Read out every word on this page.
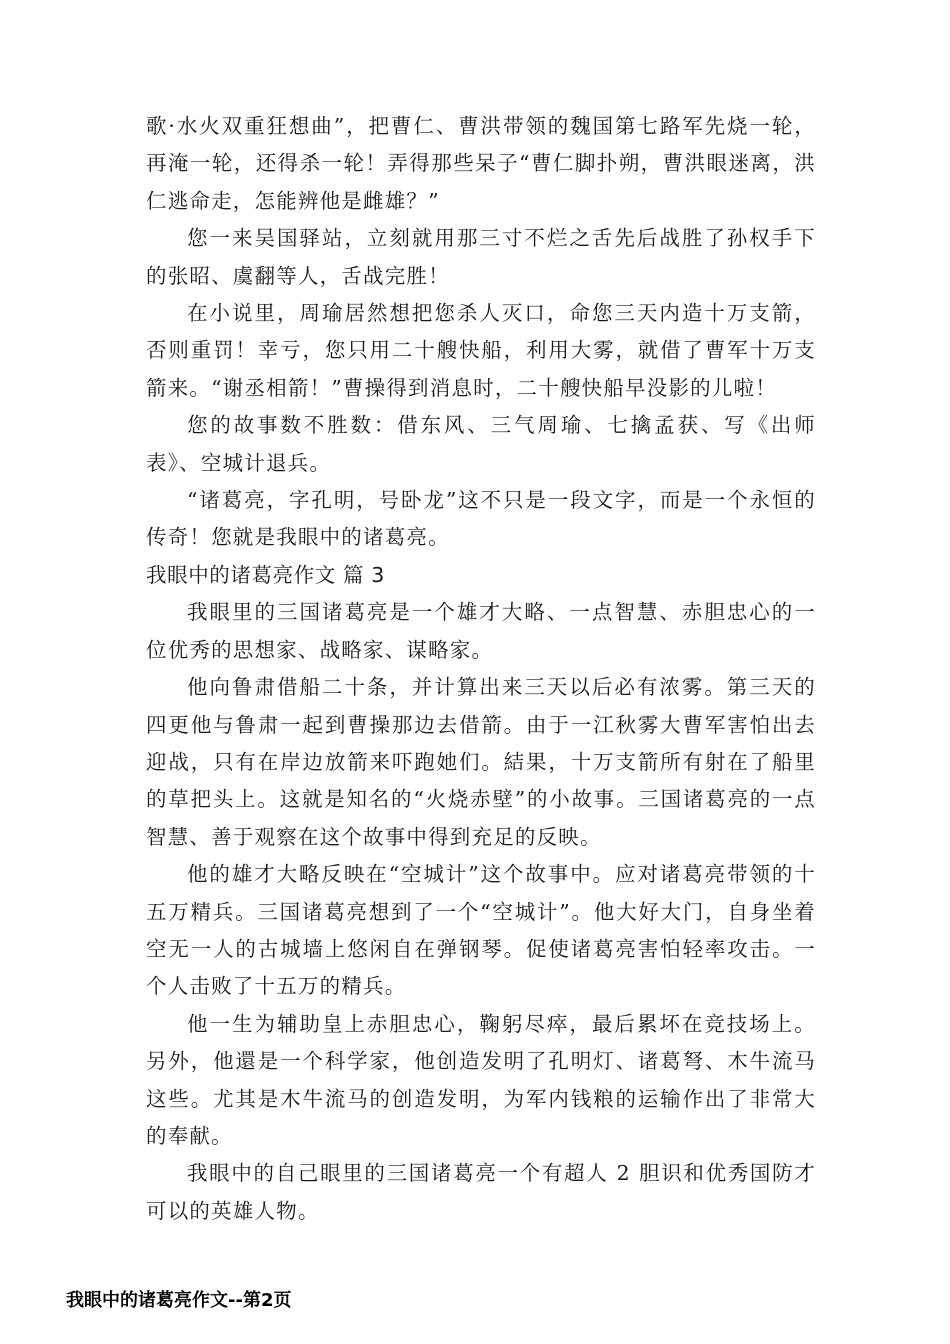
歌·水火双重狂想曲”，把曹仁、曹洪带领的魏国第七路军先烧一轮，再淹一轮，还得杀一轮！弄得那些呆子“曹仁脚扑朔，曹洪眼迷离，洪仁逃命走，怎能辨他是雌雄？”

您一来吴国驿站，立刻就用那三寸不烂之舌先后战胜了孙权手下的张昭、虞翻等人，舌战完胜！

在小说里，周瑜居然想把您杀人灭口，命您三天内造十万支箭，否则重罚！幸亏，您只用二十艘快船，利用大雾，就借了曹军十万支箭来。“谢丞相箭！”曹操得到消息时，二十艘快船早没影的儿啦！

您的故事数不胜数：借东风、三气周瑜、七擒孟获、写《出师表》、空城计退兵。

“诸葛亮，字孔明，号卧龙”这不只是一段文字，而是一个永恒的传奇！您就是我眼中的诸葛亮。

我眼中的诸葛亮作文 篇 3

我眼里的三国诸葛亮是一个雄才大略、一点智慧、赤胆忠心的一位优秀的思想家、战略家、谋略家。

他向鲁肃借船二十条，并计算出来三天以后必有浓雾。第三天的四更他与鲁肃一起到曹操那边去借箭。由于一江秋雾大曹军害怕出去迎战，只有在岸边放箭来吓跑她们。結果，十万支箭所有射在了船里的草把头上。这就是知名的“火烧赤壁”的小故事。三国诸葛亮的一点智慧、善于观察在这个故事中得到充足的反映。

他的雄才大略反映在“空城计”这个故事中。应对诸葛亮带领的十五万精兵。三国诸葛亮想到了一个“空城计”。他大好大门，自身坐着空无一人的古城墙上悠闲自在弹钢琴。促使诸葛亮害怕轻率攻击。一个人击败了十五万的精兵。

他一生为辅助皇上赤胆忠心，鞠躬尽瘁，最后累坏在竞技场上。另外，他還是一个科学家，他创造发明了孔明灯、诸葛弩、木牛流马这些。尤其是木牛流马的创造发明，为军内钱粮的运输作出了非常大的奉献。

我眼中的自己眼里的三国诸葛亮一个有超人 2 胆识和优秀国防才可以的英雄人物。

我眼中的诸葛亮作文--第2页
